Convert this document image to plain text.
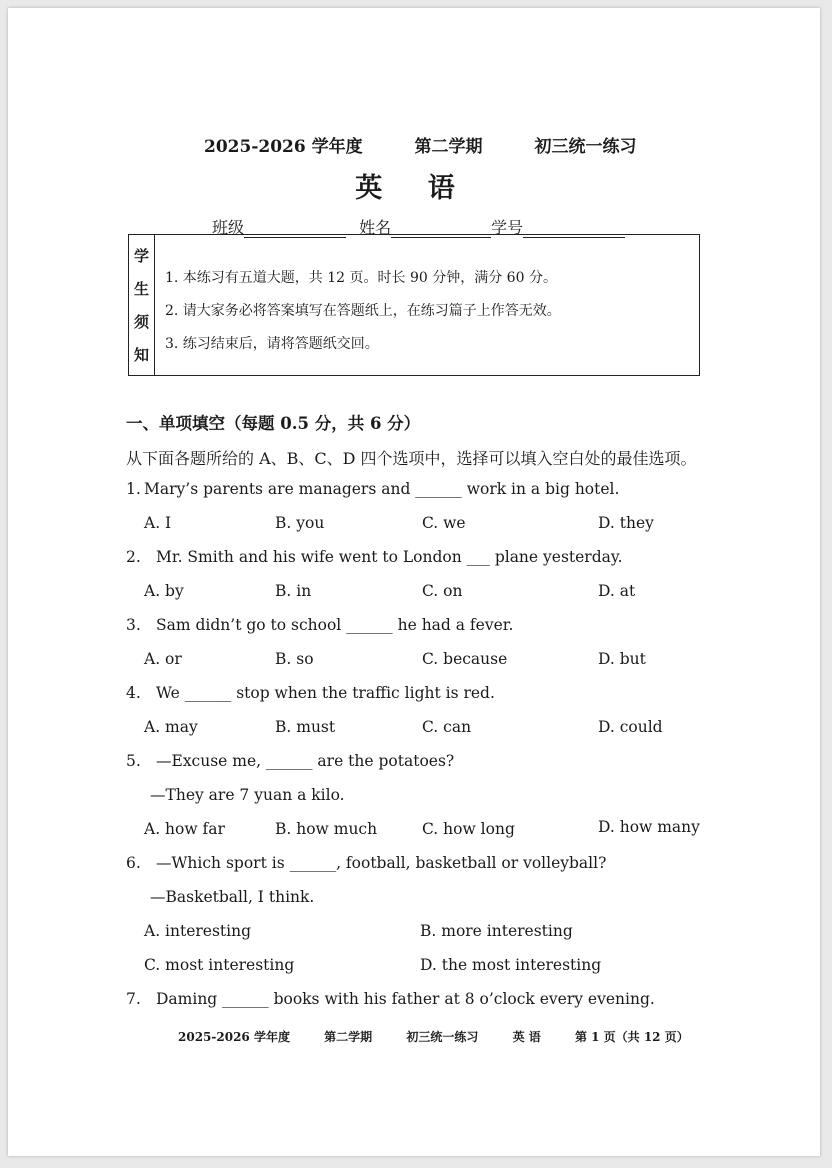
2025-2026 学年度	第二学期	初三统一练习
英 语
班级	姓名	学号
学
生
须
知
1. 本练习有五道大题，共 12 页。时长 90 分钟，满分 60 分。
2. 请大家务必将答案填写在答题纸上，在练习篇子上作答无效。
3. 练习结束后，请将答题纸交回。
一、单项填空（每题 0.5 分，共 6 分）
从下面各题所给的 A、B、C、D 四个选项中，选择可以填入空白处的最佳选项。
1. Mary’s parents are managers and ______ work in a big hotel.
A. I	B. you	C. we	D. they
2. Mr. Smith and his wife went to London ___ plane yesterday.
A. by	B. in	C. on	D. at
3. Sam didn’t go to school ______ he had a fever.
A. or	B. so	C. because	D. but
4. We ______ stop when the traffic light is red.
A. may	B. must	C. can	D. could
5. —Excuse me, ______ are the potatoes?
—They are 7 yuan a kilo.
A. how far	B. how much	C. how long	D. how many
6. —Which sport is ______, football, basketball or volleyball?
—Basketball, I think.
A. interesting	B. more interesting
C. most interesting	D. the most interesting
7. Daming ______ books with his father at 8 o’clock every evening.
2025-2026 学年度	第二学期	初三统一练习	英 语	第 1 页（共 12 页）
